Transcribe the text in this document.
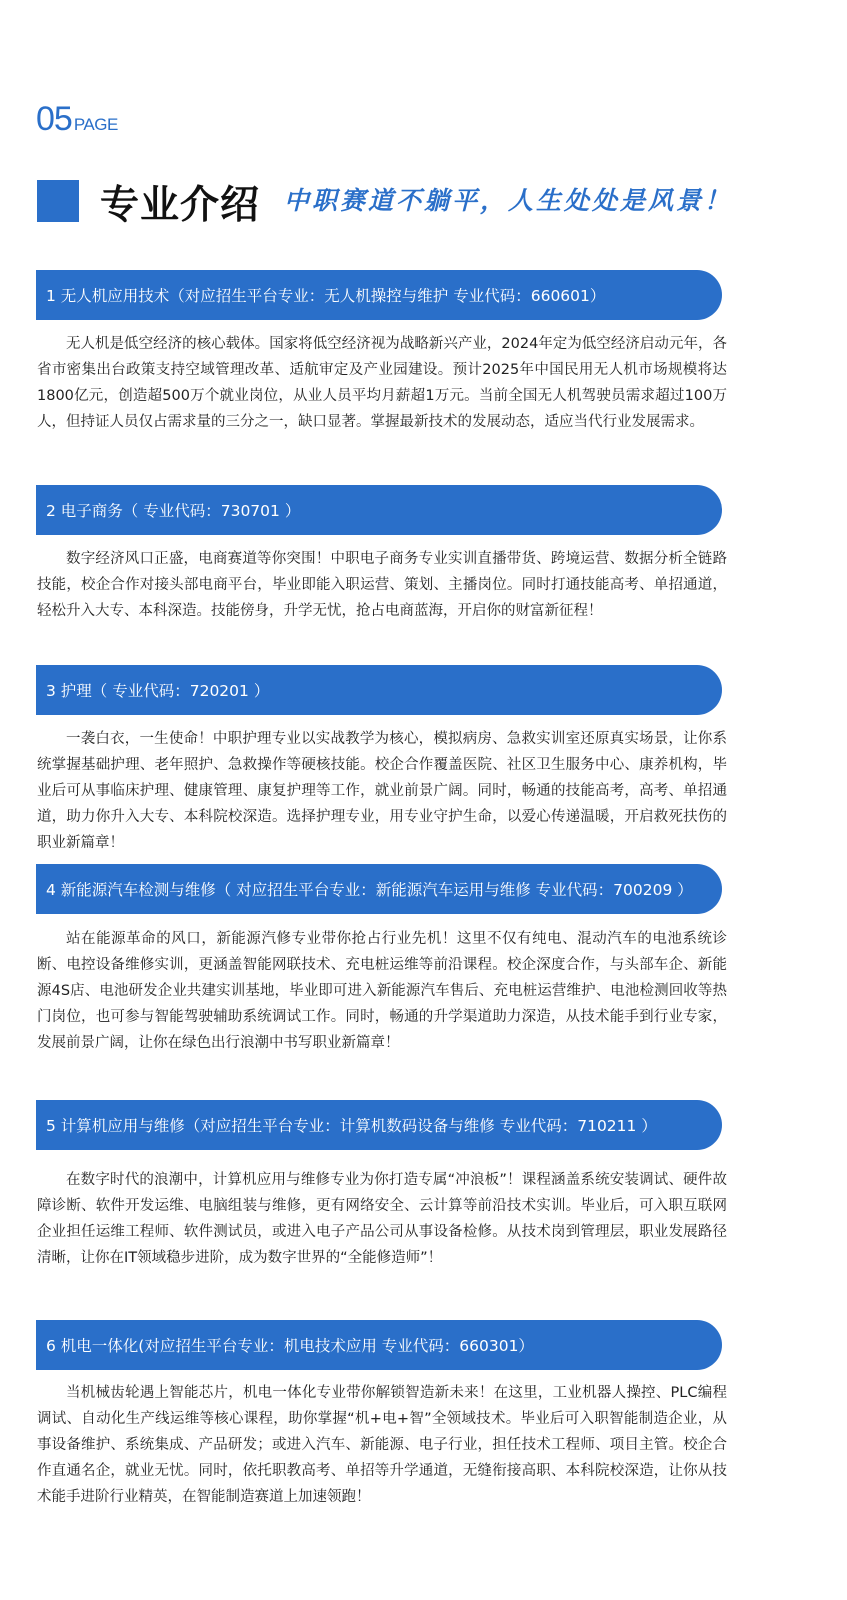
05 PAGE
专业介绍 中职赛道不躺平，人生处处是风景！
1 无人机应用技术（对应招生平台专业：无人机操控与维护 专业代码：660601）

无人机是低空经济的核心载体。国家将低空经济视为战略新兴产业，2024年定为低空经济启动元年，各省市密集出台政策支持空域管理改革、适航审定及产业园建设。预计2025年中国民用无人机市场规模将达1800亿元，创造超500万个就业岗位，从业人员平均月薪超1万元。当前全国无人机驾驶员需求超过100万人，但持证人员仅占需求量的三分之一，缺口显著。掌握最新技术的发展动态，适应当代行业发展需求。

2 电子商务（ 专业代码：730701 ）

数字经济风口正盛，电商赛道等你突围！中职电子商务专业实训直播带货、跨境运营、数据分析全链路技能，校企合作对接头部电商平台，毕业即能入职运营、策划、主播岗位。同时打通技能高考、单招通道，轻松升入大专、本科深造。技能傍身，升学无忧，抢占电商蓝海，开启你的财富新征程！

3 护理（ 专业代码：720201 ）

一袭白衣，一生使命！中职护理专业以实战教学为核心，模拟病房、急救实训室还原真实场景，让你系统掌握基础护理、老年照护、急救操作等硬核技能。校企合作覆盖医院、社区卫生服务中心、康养机构，毕业后可从事临床护理、健康管理、康复护理等工作，就业前景广阔。同时，畅通的技能高考，高考、单招通道，助力你升入大专、本科院校深造。选择护理专业，用专业守护生命，以爱心传递温暖，开启救死扶伤的职业新篇章！

4 新能源汽车检测与维修（ 对应招生平台专业：新能源汽车运用与维修 专业代码：700209 ）

站在能源革命的风口，新能源汽修专业带你抢占行业先机！这里不仅有纯电、混动汽车的电池系统诊断、电控设备维修实训，更涵盖智能网联技术、充电桩运维等前沿课程。校企深度合作，与头部车企、新能源4S店、电池研发企业共建实训基地，毕业即可进入新能源汽车售后、充电桩运营维护、电池检测回收等热门岗位，也可参与智能驾驶辅助系统调试工作。同时，畅通的升学渠道助力深造，从技术能手到行业专家，发展前景广阔，让你在绿色出行浪潮中书写职业新篇章！

5 计算机应用与维修（对应招生平台专业：计算机数码设备与维修 专业代码：710211 ）

在数字时代的浪潮中，计算机应用与维修专业为你打造专属“冲浪板”！课程涵盖系统安装调试、硬件故障诊断、软件开发运维、电脑组装与维修，更有网络安全、云计算等前沿技术实训。毕业后，可入职互联网企业担任运维工程师、软件测试员，或进入电子产品公司从事设备检修。从技术岗到管理层，职业发展路径清晰，让你在IT领域稳步进阶，成为数字世界的“全能修造师”！

6 机电一体化(对应招生平台专业：机电技术应用 专业代码：660301）

当机械齿轮遇上智能芯片，机电一体化专业带你解锁智造新未来！在这里，工业机器人操控、PLC编程调试、自动化生产线运维等核心课程，助你掌握“机+电+智”全领域技术。毕业后可入职智能制造企业，从事设备维护、系统集成、产品研发；或进入汽车、新能源、电子行业，担任技术工程师、项目主管。校企合作直通名企，就业无忧。同时，依托职教高考、单招等升学通道，无缝衔接高职、本科院校深造，让你从技术能手进阶行业精英，在智能制造赛道上加速领跑！
